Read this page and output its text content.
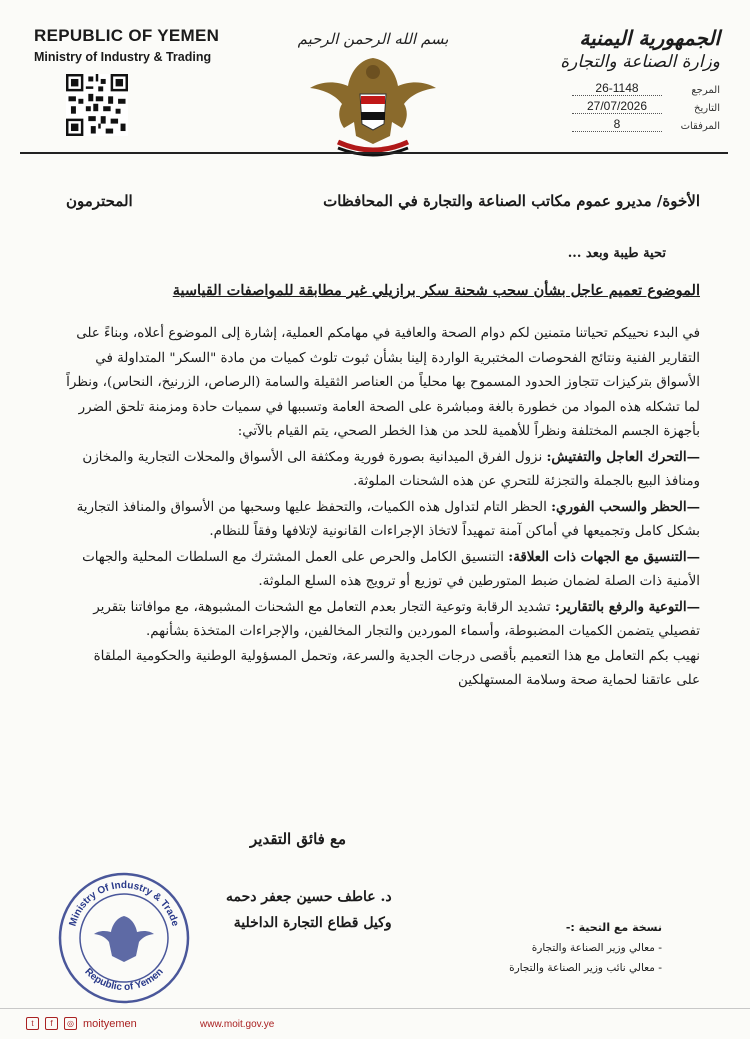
REPUBLIC OF YEMEN
Ministry of Industry & Trading
بسم الله الرحمن الرحيم	الجمهورية اليمنية
وزارة الصناعة والتجارة
المرجع
26-1148
التاريخ
27/07/2026
المرفقات
8
الأخوة/ مديرو عموم مكاتب الصناعة والتجارة في المحافظات
المحترمون
تحية طيبة وبعد ...
الموضوع تعميم عاجل بشأن سحب شحنة سكر برازيلي غير مطابقة للمواصفات القياسية

في البدء نحييكم تحياتنا متمنين لكم دوام الصحة والعافية في مهامكم العملية، إشارة إلى الموضوع أعلاه، وبناءً على التقارير الفنية ونتائج الفحوصات المختبرية الواردة إلينا بشأن ثبوت تلوث كميات من مادة "السكر" المتداولة في الأسواق بتركيزات تتجاوز الحدود المسموح بها محلياً من العناصر الثقيلة والسامة (الرصاص، الزرنيخ، النحاس)، ونظراً لما تشكله هذه المواد من خطورة بالغة ومباشرة على الصحة العامة وتسببها في سميات حادة ومزمنة تلحق الضرر بأجهزة الجسم المختلفة ونظراً للأهمية للحد من هذا الخطر الصحي، يتم القيام بالآتي:

—التحرك العاجل والتفتيش: نزول الفرق الميدانية بصورة فورية ومكثفة الى الأسواق والمحلات التجارية والمخازن ومنافذ البيع بالجملة والتجزئة للتحري عن هذه الشحنات الملوثة.

—الحظر والسحب الفوري: الحظر التام لتداول هذه الكميات، والتحفظ عليها وسحبها من الأسواق والمنافذ التجارية بشكل كامل وتجميعها في أماكن آمنة تمهيداً لاتخاذ الإجراءات القانونية لإتلافها وفقاً للنظام.

—التنسيق مع الجهات ذات العلاقة: التنسيق الكامل والحرص على العمل المشترك مع السلطات المحلية والجهات الأمنية ذات الصلة لضمان ضبط المتورطين في توزيع أو ترويج هذه السلع الملوثة.

—التوعية والرفع بالتقارير: تشديد الرقابة وتوعية التجار بعدم التعامل مع الشحنات المشبوهة، مع موافاتنا بتقرير تفصيلي يتضمن الكميات المضبوطة، وأسماء الموردين والتجار المخالفين، والإجراءات المتخذة بشأنهم.

نهيب بكم التعامل مع هذا التعميم بأقصى درجات الجدية والسرعة، وتحمل المسؤولية الوطنية والحكومية الملقاة على عاتقنا لحماية صحة وسلامة المستهلكين

مع فائق التقدير
Ministry Of Industry & Trade
Republic of Yemen
د. عاطف حسين جعفر دحمه
وكيل قطاع التجارة الداخلية	نسخة مع التحية :-
- معالي وزير الصناعة والتجارة
- معالي نائب وزير الصناعة والتجارة
t	f	◎ moityemen	www.moit.gov.ye
